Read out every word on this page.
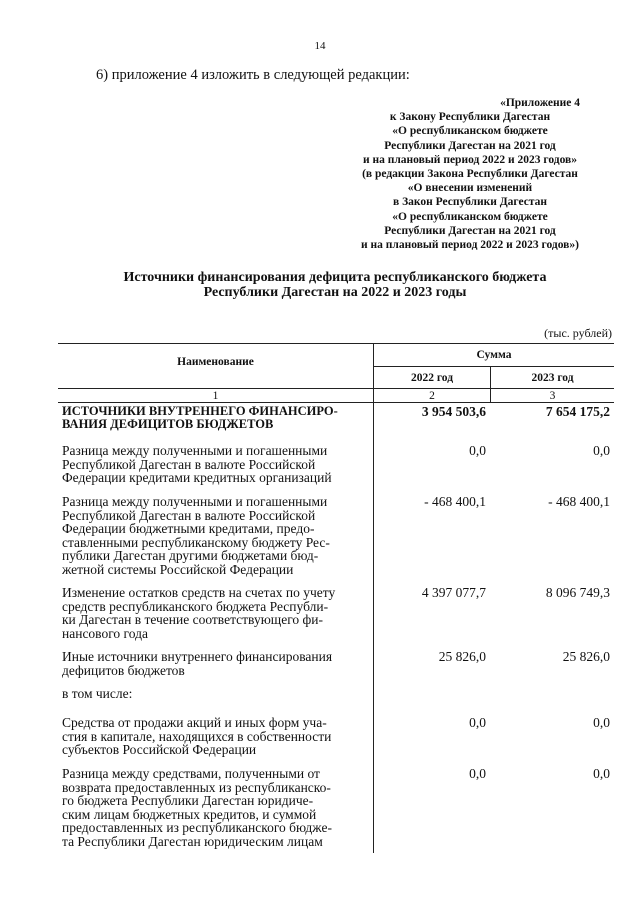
14
6) приложение 4 изложить в следующей редакции:
«Приложение 4
к Закону Республики Дагестан
«О республиканском бюджете
Республики Дагестан на 2021 год
и на плановый период 2022 и 2023 годов»
(в редакции Закона Республики Дагестан
«О внесении изменений
в Закон Республики Дагестан
«О республиканском бюджете
Республики Дагестан на 2021 год
и на плановый период 2022 и 2023 годов»)
Источники финансирования дефицита республиканского бюджета
Республики Дагестан на 2022 и 2023 годы
(тыс. рублей)
Наименование
Сумма
2022 год	2023 год
1	2	3
ИСТОЧНИКИ ВНУТРЕННЕГО ФИНАНСИРО-
ВАНИЯ ДЕФИЦИТОВ БЮДЖЕТОВ
3 954 503,6	7 654 175,2
Разница между полученными и погашенными
Республикой Дагестан в валюте Российской
Федерации кредитами кредитных организаций
0,0	0,0
Разница между полученными и погашенными
Республикой Дагестан в валюте Российской
Федерации бюджетными кредитами, предо-
ставленными республиканскому бюджету Рес-
публики Дагестан другими бюджетами бюд-
жетной системы Российской Федерации
- 468 400,1	- 468 400,1
Изменение остатков средств на счетах по учету
средств республиканского бюджета Республи-
ки Дагестан в течение соответствующего фи-
нансового года
4 397 077,7	8 096 749,3
Иные источники внутреннего финансирования
дефицитов бюджетов
25 826,0	25 826,0
в том числе:
Средства от продажи акций и иных форм уча-
стия в капитале, находящихся в собственности
субъектов Российской Федерации
0,0	0,0
Разница между средствами, полученными от
возврата предоставленных из республиканско-
го бюджета Республики Дагестан юридиче-
ским лицам бюджетных кредитов, и суммой
предоставленных из республиканского бюдже-
та Республики Дагестан юридическим лицам
0,0	0,0
